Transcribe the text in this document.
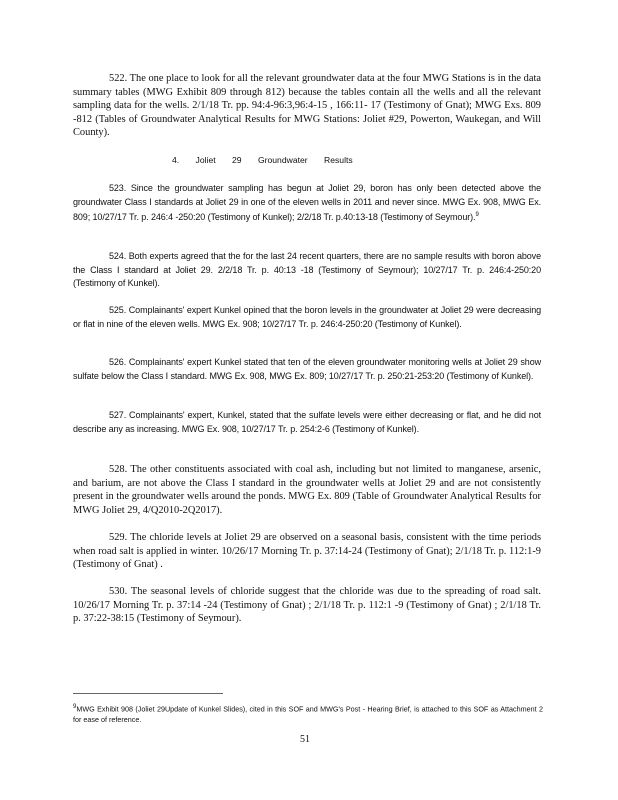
522. The one place to look for all the relevant groundwater data at the four MWG Stations is in the data summary tables (MWG Exhibit 809 through 812) because the tables contain all the wells and all the relevant sampling data for the wells. 2/1/18 Tr. pp. 94:4-96:3,96:4-15 , 166:11- 17 (Testimony of Gnat); MWG Exs. 809 -812 (Tables of Groundwater Analytical Results for MWG Stations: Joliet #29, Powerton, Waukegan, and Will County).

4. Joliet 29 Groundwater Results

523. Since the groundwater sampling has begun at Joliet 29, boron has only been detected above the groundwater Class I standards at Joliet 29 in one of the eleven wells in 2011 and never since. MWG Ex. 908, MWG Ex. 809; 10/27/17 Tr. p. 246:4 -250:20 (Testimony of Kunkel); 2/2/18 Tr. p.40:13-18 (Testimony of Seymour).$^9$

524. Both experts agreed that the for the last 24 recent quarters, there are no sample results with boron above the Class I standard at Joliet 29. 2/2/18 Tr. p. 40:13 -18 (Testimony of Seymour); 10/27/17 Tr. p. 246:4-250:20 (Testimony of Kunkel).

525. Complainants' expert Kunkel opined that the boron levels in the groundwater at Joliet 29 were decreasing or flat in nine of the eleven wells. MWG Ex. 908; 10/27/17 Tr. p. 246:4-250:20 (Testimony of Kunkel).

526. Complainants' expert Kunkel stated that ten of the eleven groundwater monitoring wells at Joliet 29 show sulfate below the Class I standard. MWG Ex. 908, MWG Ex. 809; 10/27/17 Tr. p. 250:21-253:20 (Testimony of Kunkel).

527. Complainants' expert, Kunkel, stated that the sulfate levels were either decreasing or flat, and he did not describe any as increasing. MWG Ex. 908, 10/27/17 Tr. p. 254:2-6 (Testimony of Kunkel).

528. The other constituents associated with coal ash, including but not limited to manganese, arsenic, and barium, are not above the Class I standard in the groundwater wells at Joliet 29 and are not consistently present in the groundwater wells around the ponds. MWG Ex. 809 (Table of Groundwater Analytical Results for MWG Joliet 29, 4/Q2010-2Q2017).

529. The chloride levels at Joliet 29 are observed on a seasonal basis, consistent with the time periods when road salt is applied in winter. 10/26/17 Morning Tr. p. 37:14-24 (Testimony of Gnat); 2/1/18 Tr. p. 112:1-9 (Testimony of Gnat) .

530. The seasonal levels of chloride suggest that the chloride was due to the spreading of road salt. 10/26/17 Morning Tr. p. 37:14 -24 (Testimony of Gnat) ; 2/1/18 Tr. p. 112:1 -9 (Testimony of Gnat) ; 2/1/18 Tr. p. 37:22-38:15 (Testimony of Seymour).

$^9$MWG Exhibit 908 (Joliet 29Update of Kunkel Slides), cited in this SOF and MWG's Post - Hearing Brief, is attached to this SOF as Attachment 2 for ease of reference.
51
